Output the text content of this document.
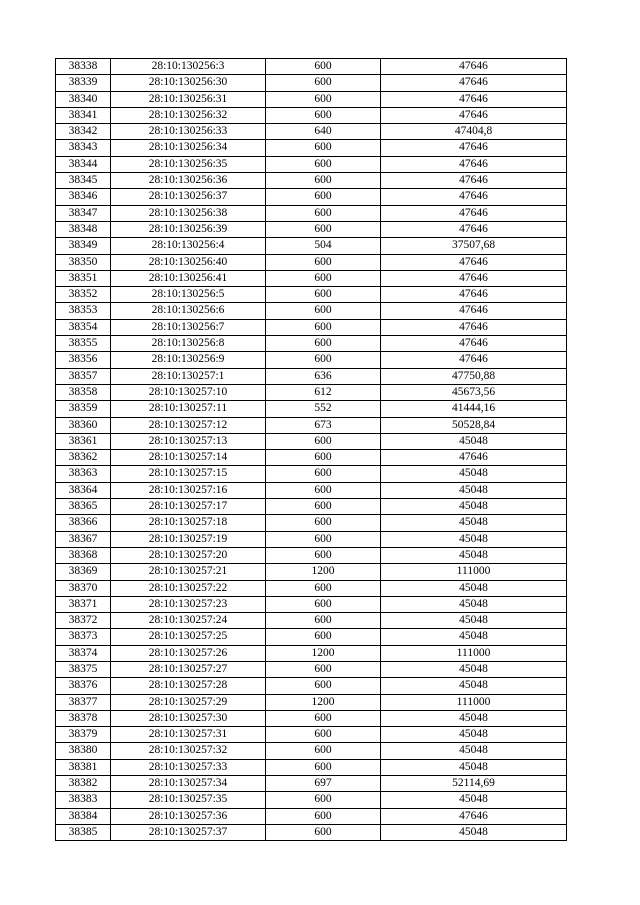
38338	28:10:130256:3	600	47646
38339	28:10:130256:30	600	47646
38340	28:10:130256:31	600	47646
38341	28:10:130256:32	600	47646
38342	28:10:130256:33	640	47404,8
38343	28:10:130256:34	600	47646
38344	28:10:130256:35	600	47646
38345	28:10:130256:36	600	47646
38346	28:10:130256:37	600	47646
38347	28:10:130256:38	600	47646
38348	28:10:130256:39	600	47646
38349	28:10:130256:4	504	37507,68
38350	28:10:130256:40	600	47646
38351	28:10:130256:41	600	47646
38352	28:10:130256:5	600	47646
38353	28:10:130256:6	600	47646
38354	28:10:130256:7	600	47646
38355	28:10:130256:8	600	47646
38356	28:10:130256:9	600	47646
38357	28:10:130257:1	636	47750,88
38358	28:10:130257:10	612	45673,56
38359	28:10:130257:11	552	41444,16
38360	28:10:130257:12	673	50528,84
38361	28:10:130257:13	600	45048
38362	28:10:130257:14	600	47646
38363	28:10:130257:15	600	45048
38364	28:10:130257:16	600	45048
38365	28:10:130257:17	600	45048
38366	28:10:130257:18	600	45048
38367	28:10:130257:19	600	45048
38368	28:10:130257:20	600	45048
38369	28:10:130257:21	1200	111000
38370	28:10:130257:22	600	45048
38371	28:10:130257:23	600	45048
38372	28:10:130257:24	600	45048
38373	28:10:130257:25	600	45048
38374	28:10:130257:26	1200	111000
38375	28:10:130257:27	600	45048
38376	28:10:130257:28	600	45048
38377	28:10:130257:29	1200	111000
38378	28:10:130257:30	600	45048
38379	28:10:130257:31	600	45048
38380	28:10:130257:32	600	45048
38381	28:10:130257:33	600	45048
38382	28:10:130257:34	697	52114,69
38383	28:10:130257:35	600	45048
38384	28:10:130257:36	600	47646
38385	28:10:130257:37	600	45048
